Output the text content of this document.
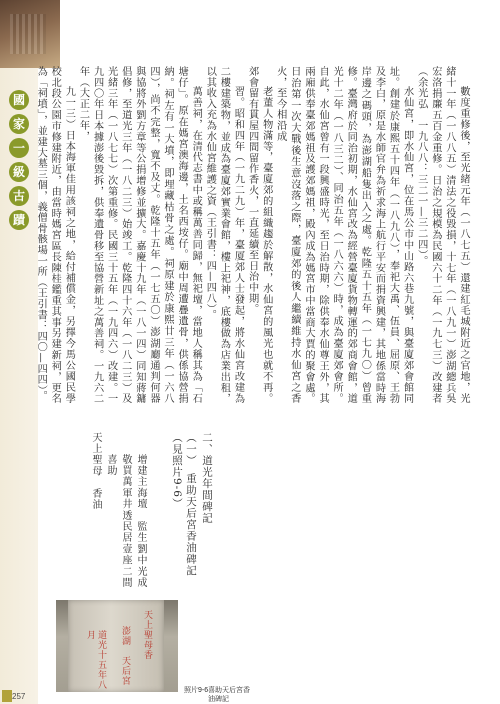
國
家
一
級
古
蹟	數度重修後，至光緒元年（一八七五）還建紅毛城附近之官地，光緒十一年（一八八五）清法之役毀損，十七年（一八九一）澎湖總兵吳宏洛捐廉五百金重修。日治之規模為民國六十二年（一九七三）改建者（余光弘　一九八八：三二一—三二四）。

水仙宮，即水仙宮，位在馬公市中山路六巷九號，與臺廈郊會館同址。創建於康熙五十四年（一八九八），奉祀大禹、伍員、屈原、王勃及李白，原是水師官弁為祈求海上航行平安而捐資興建，其地係當時海岸邊之碼頭，為澎湖船隻出入之處。乾隆五十五年（一七九〇）曾重修。臺灣府於同治初期，水仙宮改為經營臺廈貨物轉運的郊商會館，道光十二年（一八三二）、同治五年（一八六六）時，成為臺廈郊會所。自此，水仙宮曾有一段興盛時光，至日治時期，除供奉水仙尊王外，其兩廂供奉臺郊媽祖及護郊媽祖，殿內成為媽宮市中當商大賈的聚會處。日治第一次大戰後生意沒落之際，臺廈郊的後人繼續維持水仙宮之香火，至今相沿成

老董人物滿等，臺廈郊的組織趨於解散，水仙宮的風光也就不再。郊會留有貫屋四間留作香火，一直延續至日治中期。

習。昭和四年（一九二九）年，臺厦郊人士發起，將水仙宮改建為二樓建築物，並成為臺廈郊實業會館，樓上祀神，底樓做為店業出租，以其收入充為水仙宮維護之資（王引書：四—四八）。

萬善祠，在清代志書中或稱萬善同歸，無祀壇，當地人稱其為「石塘仔」。原在媽宮澳海邊，土名西垵仔。廟中周遭疊遺骨，供係協營捐納。祠左有一大墳，即埋藏枯骨之處。祠原建於康熙廿三年（一六八四），尚不完整，寬不及丈。乾隆十五年（一七五〇）澎湖廳通判何器與協將外劉方章等公捐增修並擴大。嘉慶十九年（一八一四）同知蔣鏞倡修，至道光三年（一八二三）始竣工。乾隆四十六年（一八二三）及光緒三年（一八七七）次第重修。民國三十五年（一九四六）改建。一九四〇年日本據澎後毀拆，供奉遺骨移至協營新址之萬善祠。一九六二年（大正二年，

九一三）日本海軍佳用該祠之地，給付補償金，另擇今馬公國民學校北段公園市修建附近，由當時媽宮區長陳桂鑑重其事另建新祠，更名為「祠墳」，並建大墓三個，義僧骨骸場一所（王引書：四〇—四四）。

二、道光年間碑記
（一）　重助天后宮香油碑記（見照片9-6）
增建主海壇　監生劉中光成
敬買萬軍井透民居壹座二間喜助
天上聖母　香油
天上聖母香
澎湖　天后宮
道光十五年八月
照片9-6 喜助天后宮香油碑記
257
